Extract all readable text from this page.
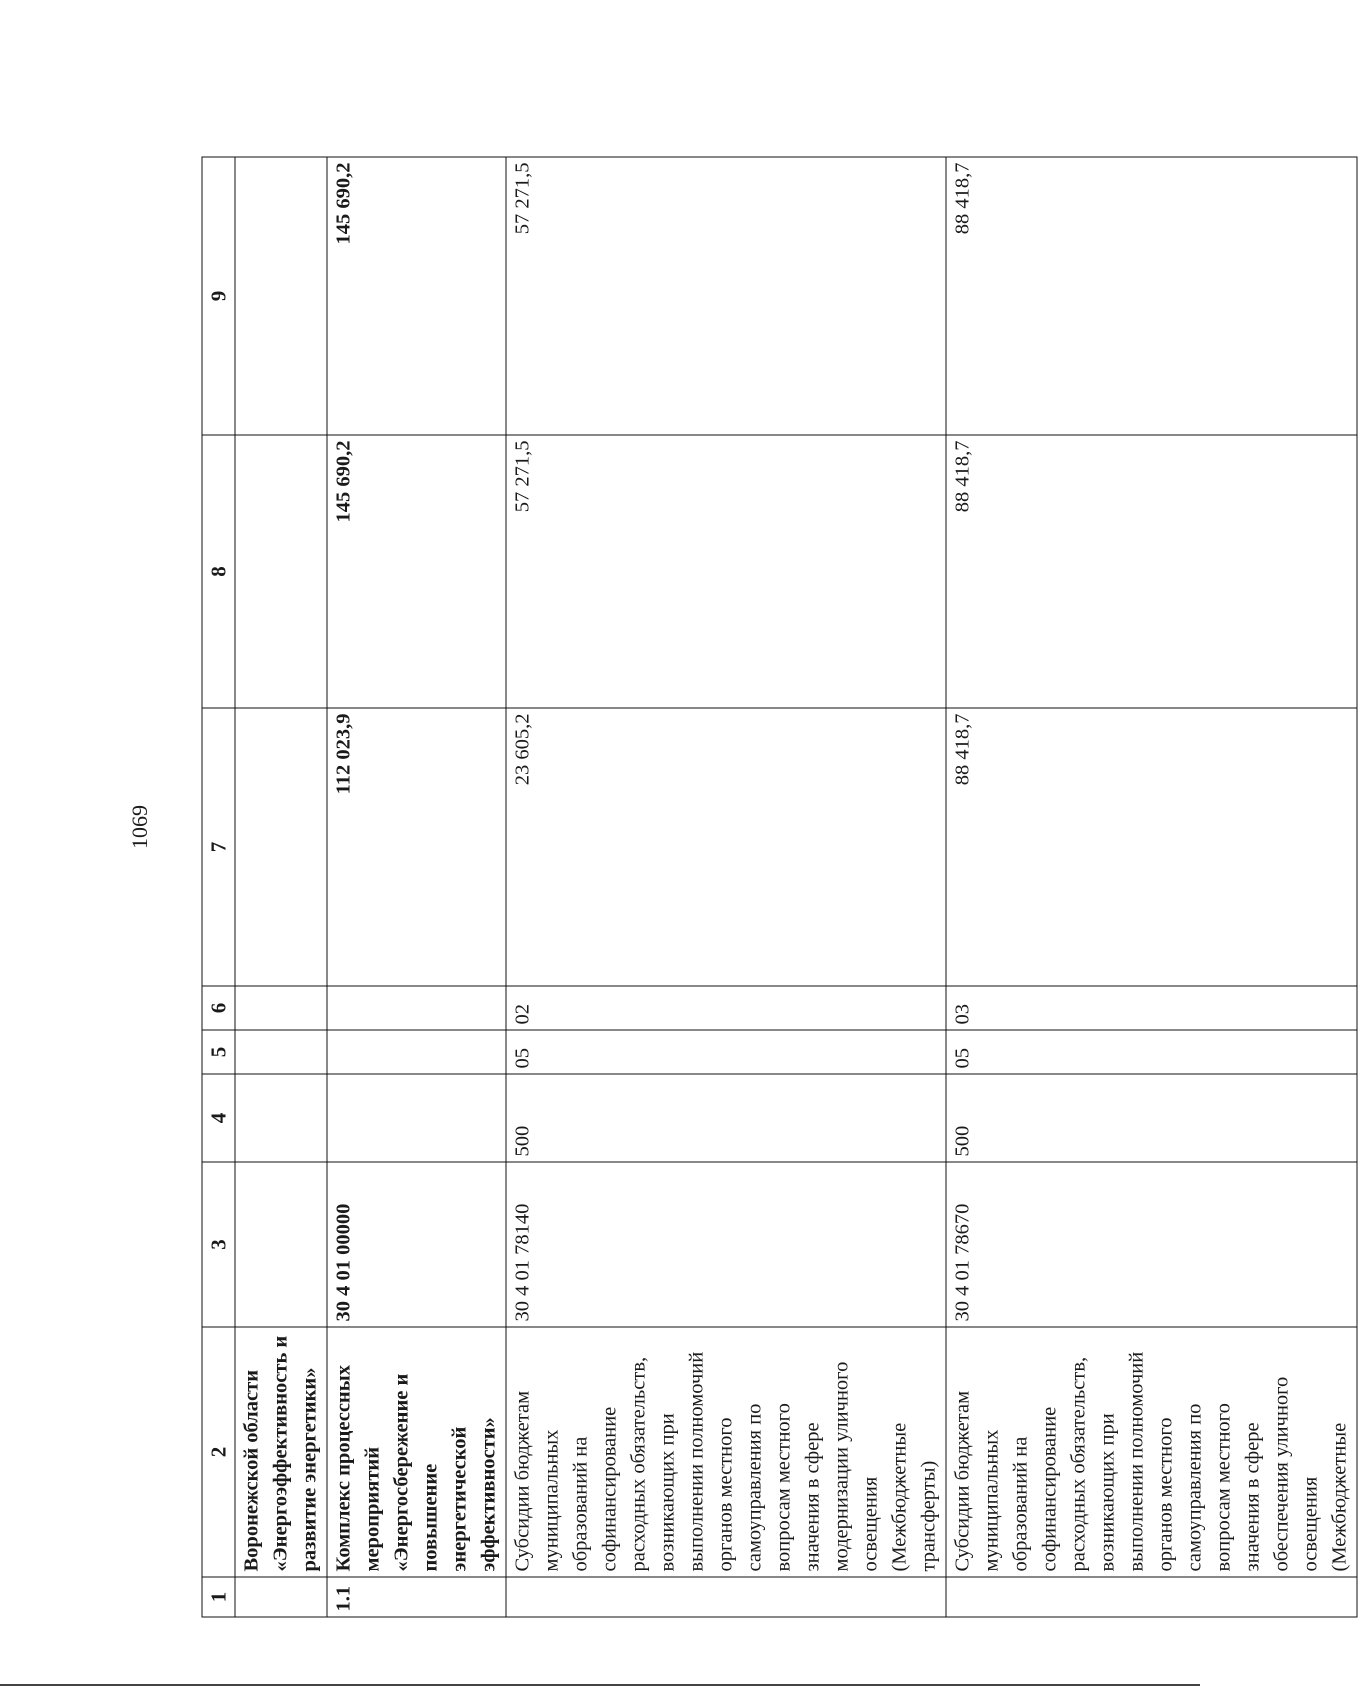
1069
1	2	3	4	5	6	7	8	9
	Воронежской области «Энергоэффективность и развитие энергетики»							
1.1	Комплекс процессных мероприятий «Энергосбережение и повышение энергетической эффективности»	30 4 01 00000				112 023,9	145 690,2	145 690,2
	Субсидии бюджетам муниципальных образований на софинансирование расходных обязательств, возникающих при выполнении полномочий органов местного самоуправления по вопросам местного значения в сфере модернизации уличного освещения (Межбюджетные трансферты)	30 4 01 78140	500	05	02	23 605,2	57 271,5	57 271,5
	Субсидии бюджетам муниципальных образований на софинансирование расходных обязательств, возникающих при выполнении полномочий органов местного самоуправления по вопросам местного значения в сфере обеспечения уличного освещения (Межбюджетные	30 4 01 78670	500	05	03	88 418,7	88 418,7	88 418,7
